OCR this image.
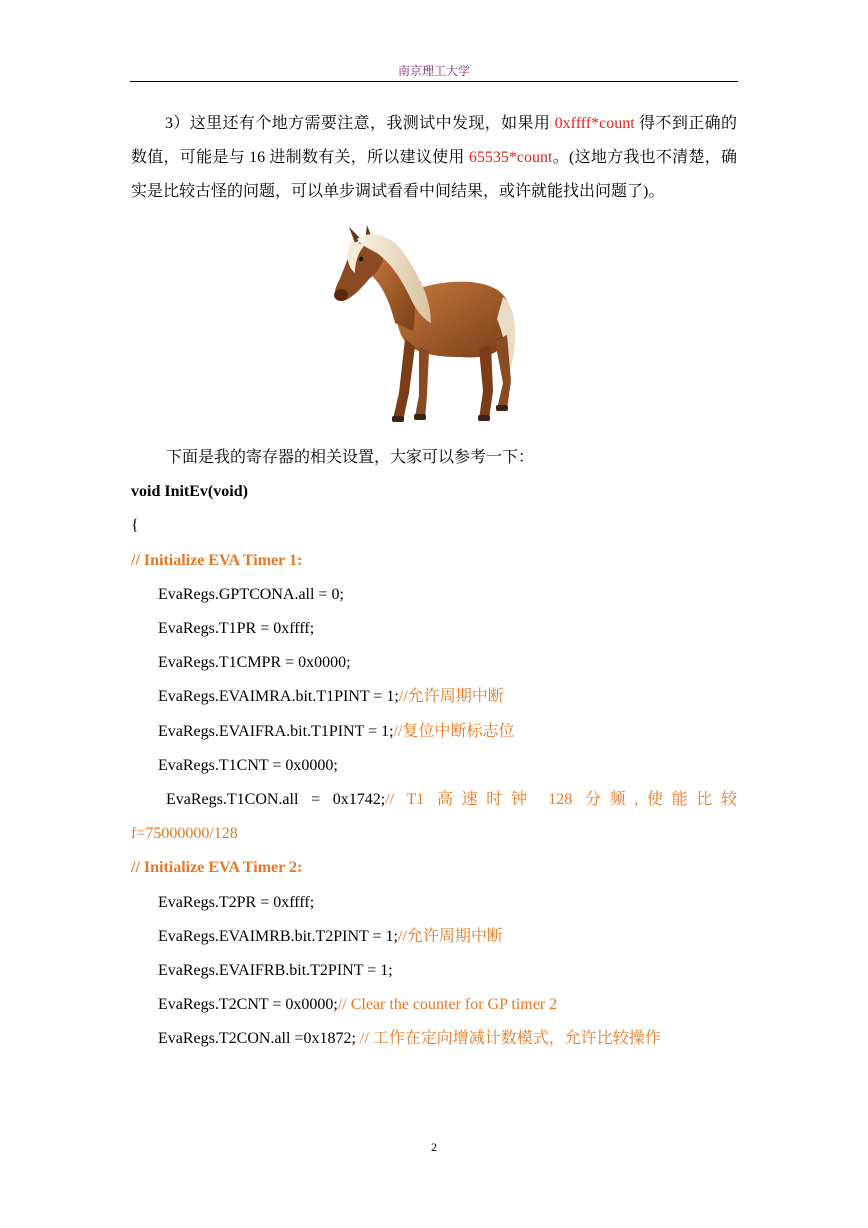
南京理工大学

3）这里还有个地方需要注意，我测试中发现，如果用 0xffff*count 得不到正确的数值，可能是与 16 进制数有关，所以建议使用 65535*count。(这地方我也不清楚，确实是比较古怪的问题，可以单步调试看看中间结果，或许就能找出问题了)。

下面是我的寄存器的相关设置，大家可以参考一下：
void InitEv(void)
{
// Initialize EVA Timer 1:
EvaRegs.GPTCONA.all = 0;
EvaRegs.T1PR = 0xffff;
EvaRegs.T1CMPR = 0x0000;
EvaRegs.EVAIMRA.bit.T1PINT = 1;//允许周期中断
EvaRegs.EVAIFRA.bit.T1PINT = 1;//复位中断标志位
EvaRegs.T1CNT = 0x0000;
EvaRegs.T1CON.all = 0x1742;// T1 高速时钟 128 分频,使能比较
f=75000000/128
// Initialize EVA Timer 2:
EvaRegs.T2PR = 0xffff;
EvaRegs.EVAIMRB.bit.T2PINT = 1;//允许周期中断
EvaRegs.EVAIFRB.bit.T2PINT = 1;
EvaRegs.T2CNT = 0x0000;// Clear the counter for GP timer 2
EvaRegs.T2CON.all =0x1872; // 工作在定向增减计数模式，允许比较操作
2
